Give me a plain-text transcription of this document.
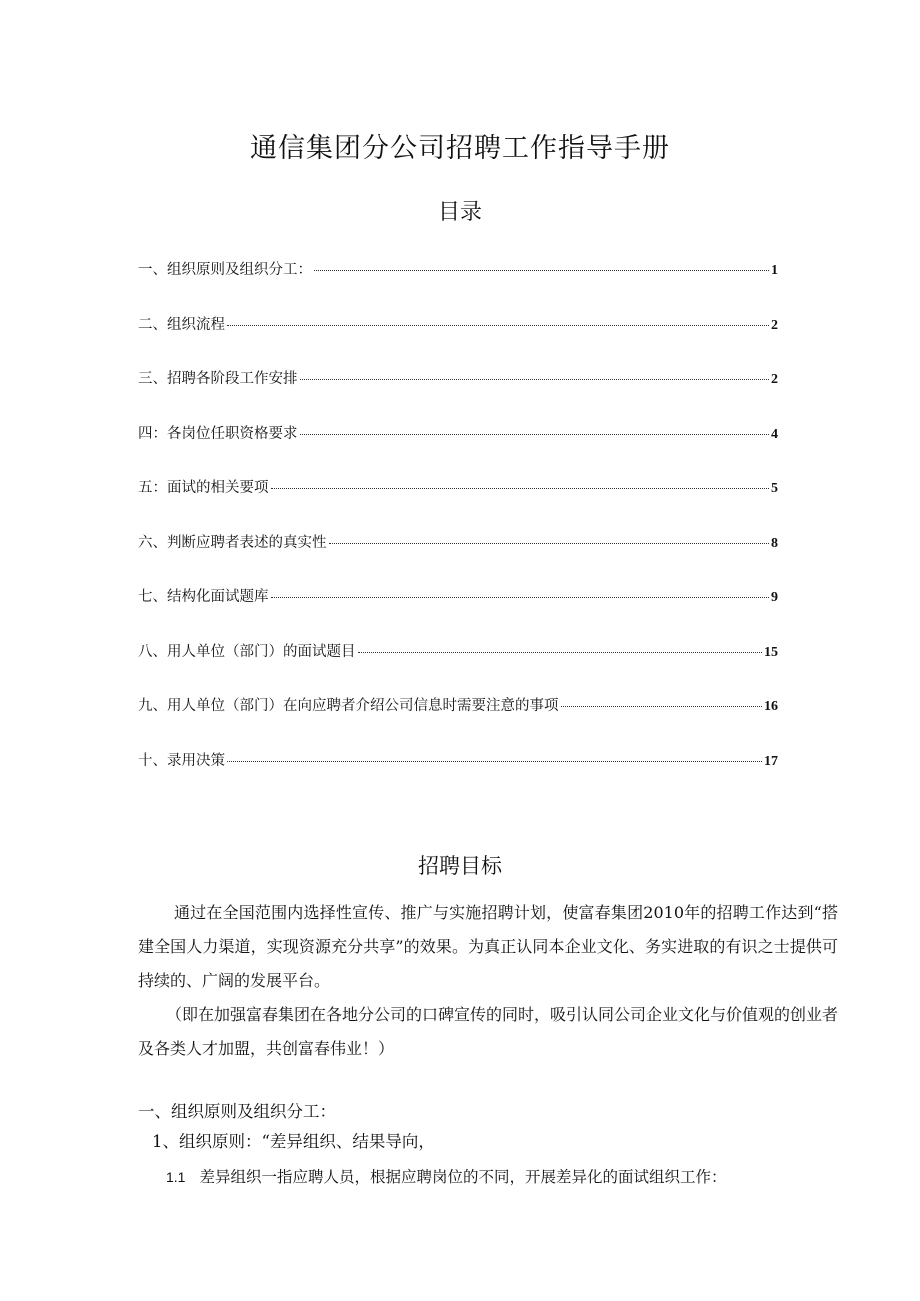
通信集团分公司招聘工作指导手册
目录
一、组织原则及组织分工：	1
二、组织流程	2
三、招聘各阶段工作安排	2
四：各岗位任职资格要求	4
五：面试的相关要项	5
六、判断应聘者表述的真实性	8
七、结构化面试题库	9
八、用人单位（部门）的面试题目	15
九、用人单位（部门）在向应聘者介绍公司信息时需要注意的事项	16
十、录用决策	17
招聘目标

通过在全国范围内选择性宣传、推广与实施招聘计划，使富春集团2010年的招聘工作达到“搭建全国人力渠道，实现资源充分共享”的效果。为真正认同本企业文化、务实进取的有识之士提供可持续的、广阔的发展平台。

（即在加强富春集团在各地分公司的口碑宣传的同时，吸引认同公司企业文化与价值观的创业者及各类人才加盟，共创富春伟业！）

一、组织原则及组织分工：
1、组织原则：“差异组织、结果导向，

1.1 差异组织一指应聘人员，根据应聘岗位的不同，开展差异化的面试组织工作：
